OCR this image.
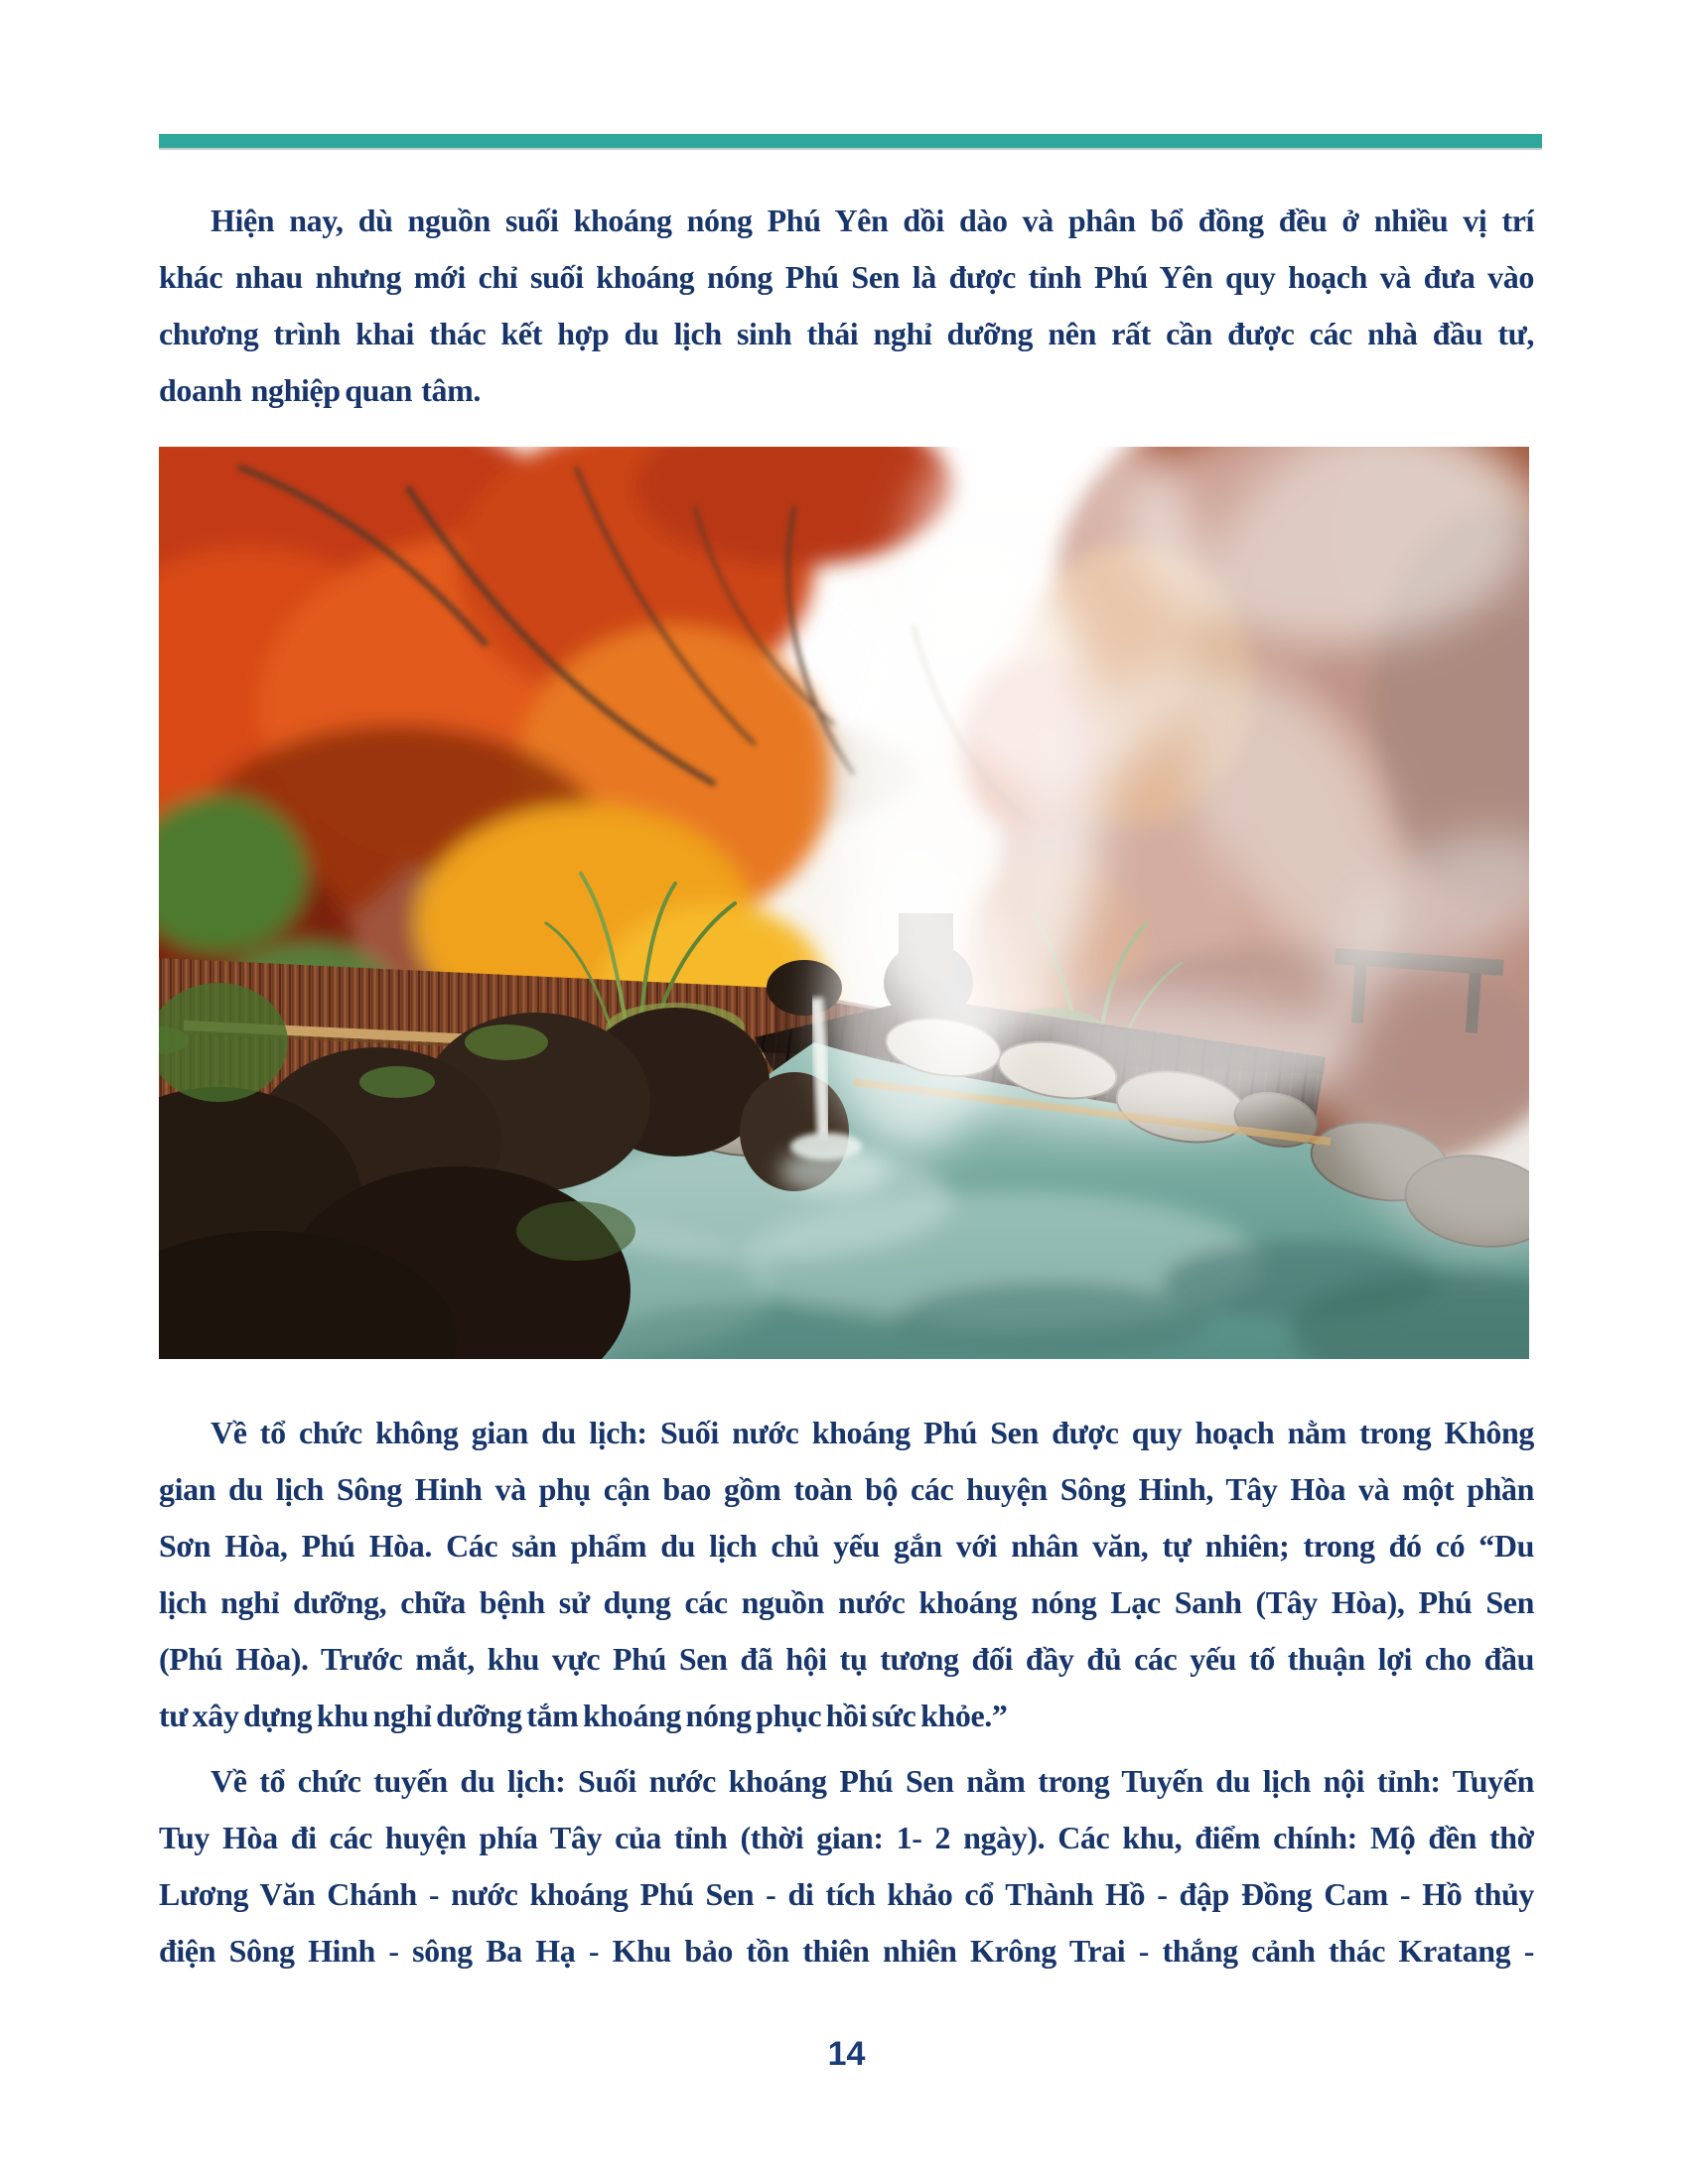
Hiện nay, dù nguồn suối khoáng nóng Phú Yên dồi dào và phân bổ đồng đều ở nhiều vị trí
khác nhau nhưng mới chỉ suối khoáng nóng Phú Sen là được tỉnh Phú Yên quy hoạch và đưa vào
chương trình khai thác kết hợp du lịch sinh thái nghỉ dưỡng nên rất cần được các nhà đầu tư,
doanh  nghiệp quan  tâm.
Về tổ chức không gian du lịch: Suối nước khoáng Phú Sen được quy hoạch nằm trong Không
gian du lịch Sông Hinh và phụ cận bao gồm toàn bộ các huyện Sông Hinh, Tây Hòa và một phần
Sơn Hòa, Phú Hòa. Các sản phẩm du lịch chủ yếu gắn với nhân văn, tự nhiên; trong đó có “Du
lịch nghỉ dưỡng, chữa bệnh sử dụng các nguồn nước khoáng nóng Lạc Sanh (Tây Hòa), Phú Sen
(Phú Hòa). Trước mắt, khu vực Phú Sen đã hội tụ tương đối đầy đủ các yếu tố thuận lợi cho đầu
tư xây dựng khu nghỉ dưỡng tắm khoáng nóng phục hồi sức khỏe.”
Về tổ chức tuyến du lịch: Suối nước khoáng Phú Sen nằm trong Tuyến du lịch nội tỉnh: Tuyến
Tuy Hòa đi các huyện phía Tây của tỉnh (thời gian: 1- 2 ngày). Các khu, điểm chính: Mộ đền thờ
Lương Văn Chánh - nước khoáng Phú Sen - di tích khảo cổ Thành Hồ - đập Đồng Cam - Hồ thủy
điện Sông Hinh - sông Ba Hạ - Khu bảo tồn thiên nhiên Krông Trai - thắng cảnh thác Kratang -
14
